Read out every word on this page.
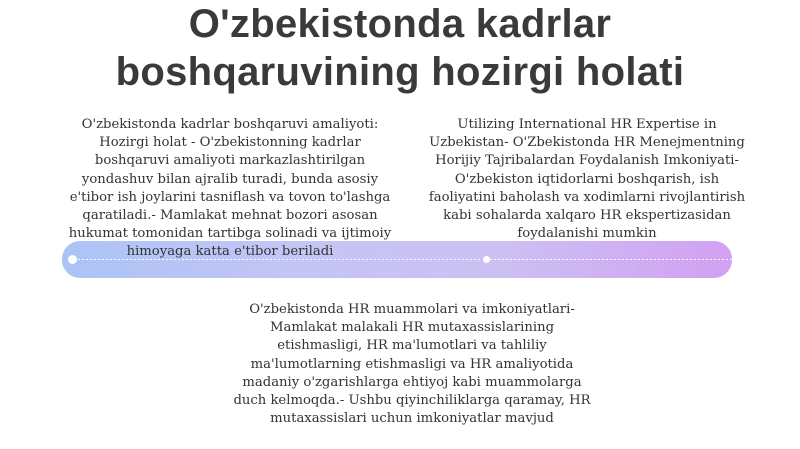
O'zbekistonda kadrlar
boshqaruvining hozirgi holati

O'zbekistonda kadrlar boshqaruvi amaliyoti: Hozirgi holat - O'zbekistonning kadrlar boshqaruvi amaliyoti markazlashtirilgan yondashuv bilan ajralib turadi, bunda asosiy e'tibor ish joylarini tasniflash va tovon to'lashga qaratiladi.- Mamlakat mehnat bozori asosan hukumat tomonidan tartibga solinadi va ijtimoiy himoyaga katta e'tibor beriladi

Utilizing International HR Expertise in Uzbekistan- O'Zbekistonda HR Menejmentning Horijiy Tajribalardan Foydalanish Imkoniyati- O'zbekiston iqtidorlarni boshqarish, ish faoliyatini baholash va xodimlarni rivojlantirish kabi sohalarda xalqaro HR ekspertizasidan foydalanishi mumkin

O'zbekistonda HR muammolari va imkoniyatlari- Mamlakat malakali HR mutaxassislarining etishmasligi, HR ma'lumotlari va tahliliy ma'lumotlarning etishmasligi va HR amaliyotida madaniy o'zgarishlarga ehtiyoj kabi muammolarga duch kelmoqda.- Ushbu qiyinchiliklarga qaramay, HR mutaxassislari uchun imkoniyatlar mavjud
